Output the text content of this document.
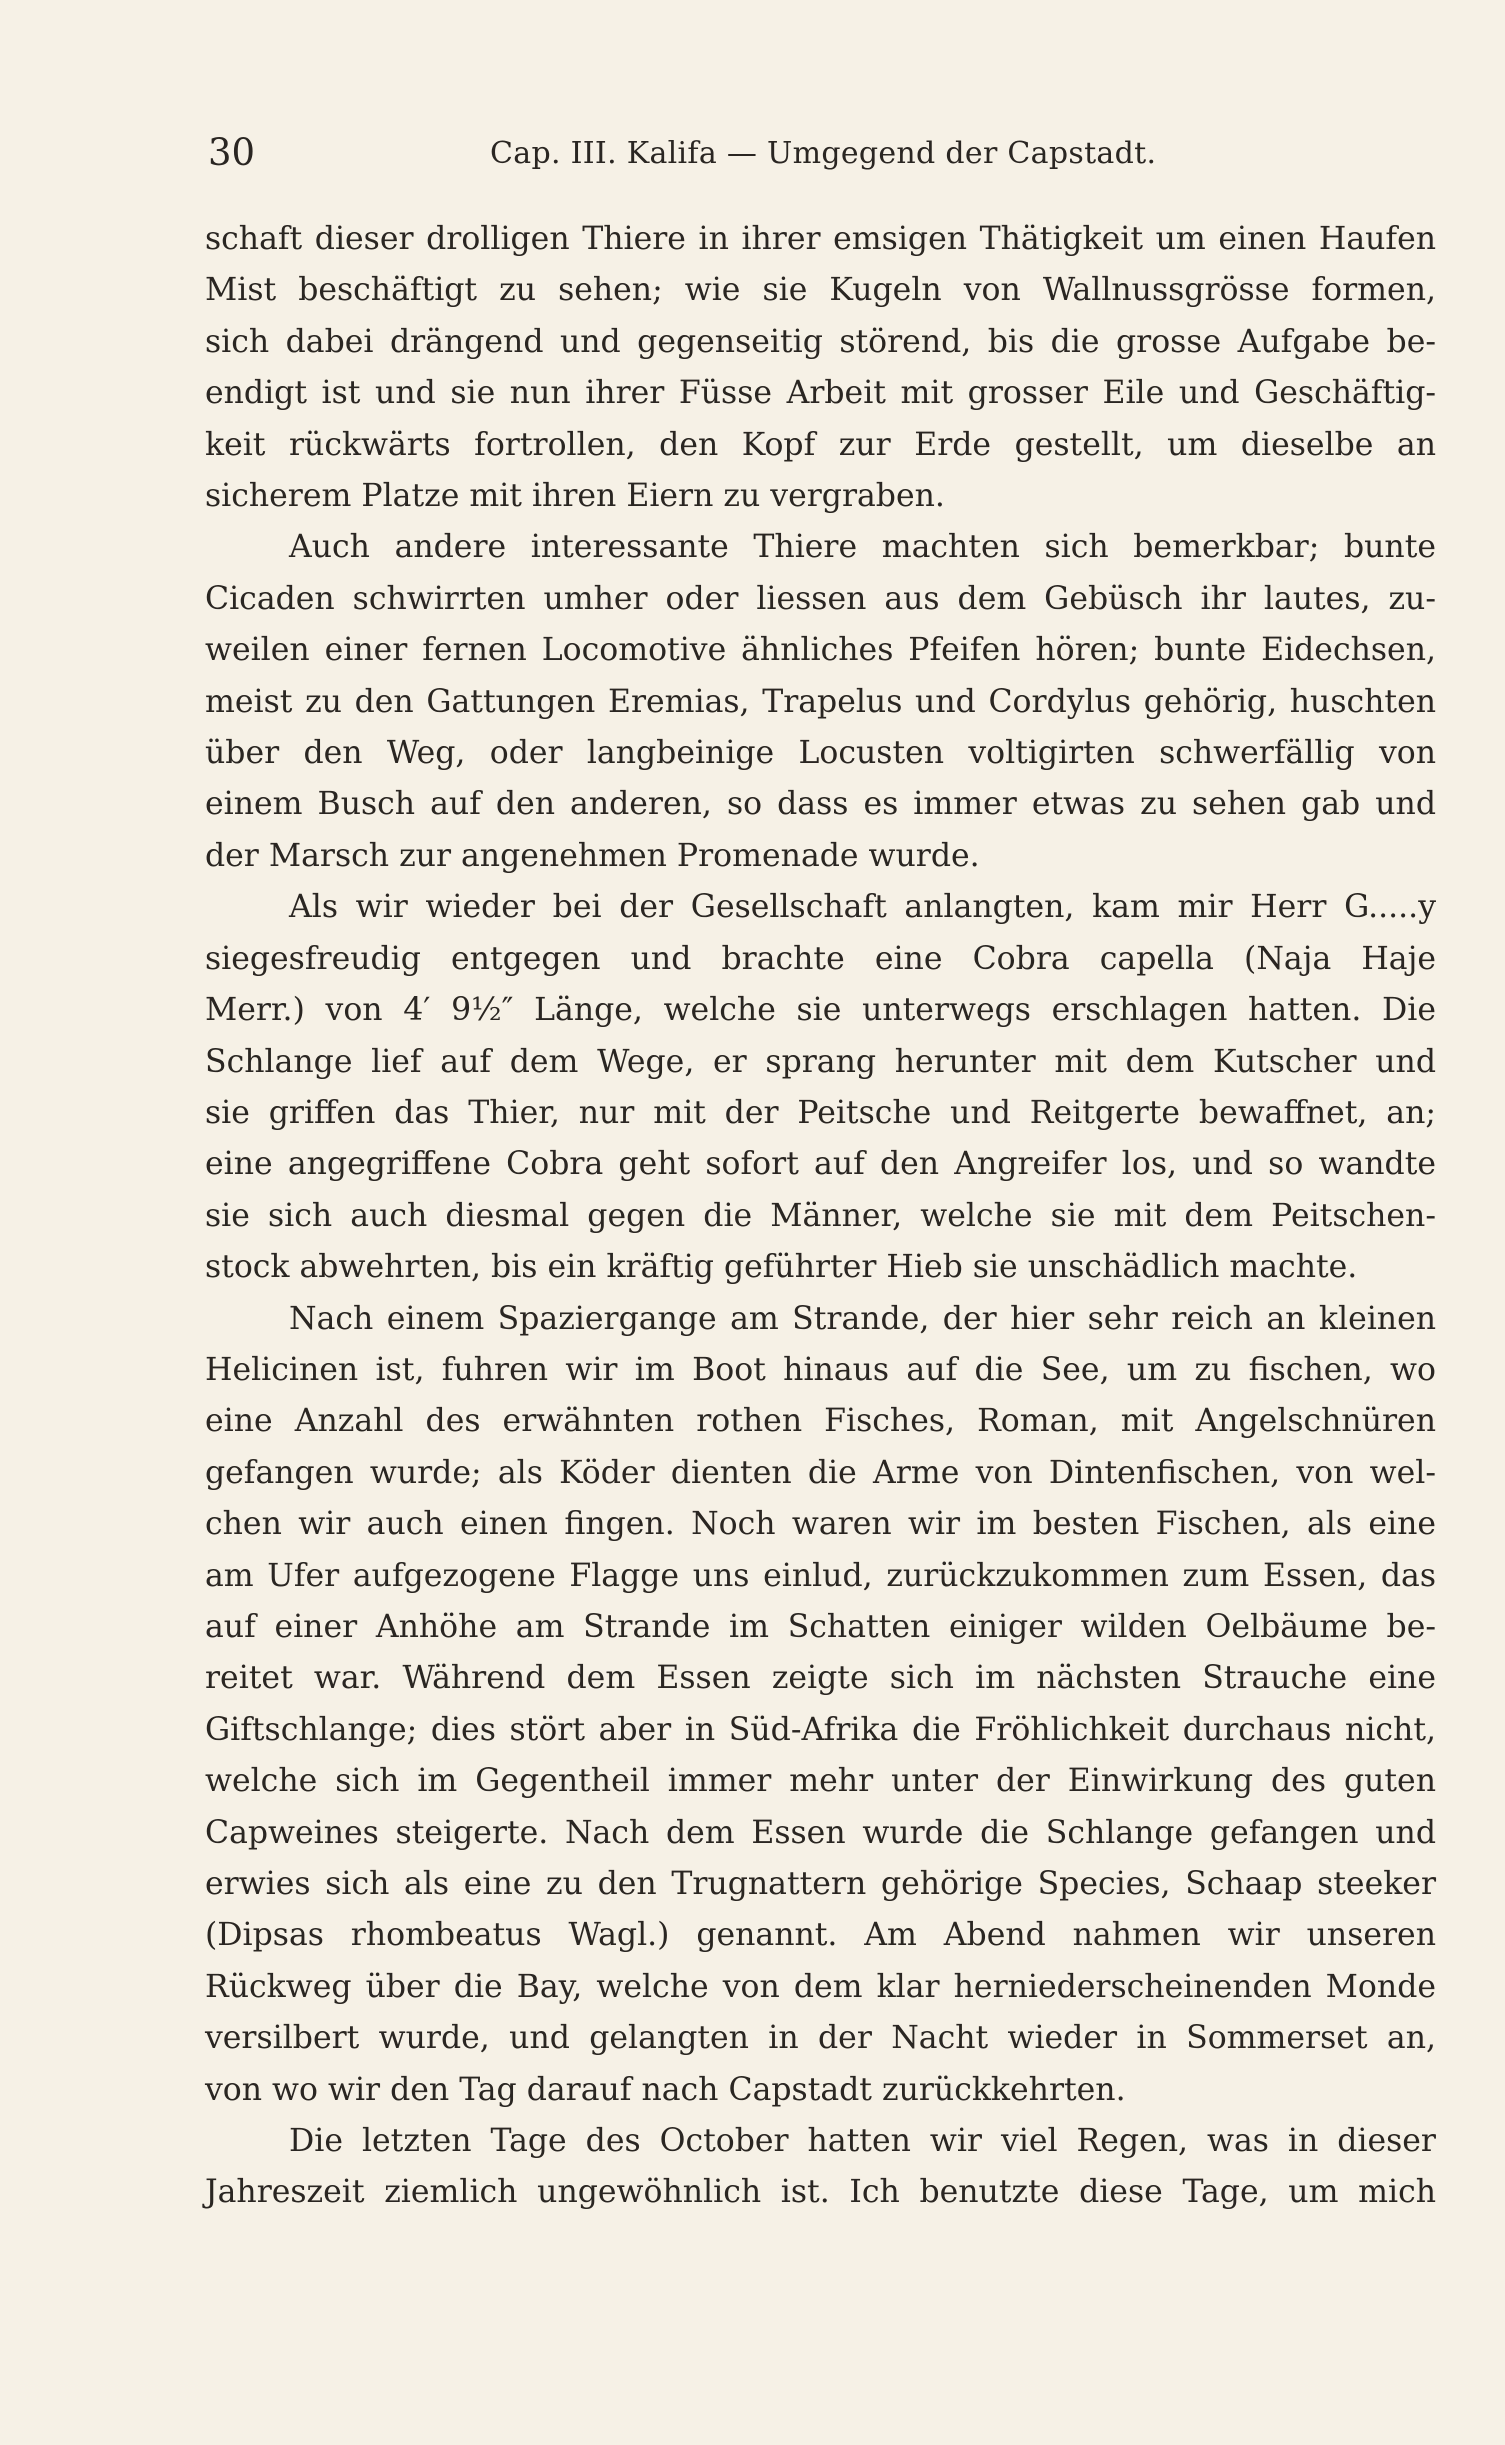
30	Cap. III. Kalifa — Umgegend der Capstadt.

schaft dieser drolligen Thiere in ihrer emsigen Thätigkeit um einen Haufen

Mist beschäftigt zu sehen; wie sie Kugeln von Wallnussgrösse formen,

sich dabei drängend und gegenseitig störend, bis die grosse Aufgabe be-

endigt ist und sie nun ihrer Füsse Arbeit mit grosser Eile und Geschäftig-

keit rückwärts fortrollen, den Kopf zur Erde gestellt, um dieselbe an

sicherem Platze mit ihren Eiern zu vergraben.

Auch andere interessante Thiere machten sich bemerkbar; bunte

Cicaden schwirrten umher oder liessen aus dem Gebüsch ihr lautes, zu-

weilen einer fernen Locomotive ähnliches Pfeifen hören; bunte Eidechsen,

meist zu den Gattungen Eremias, Trapelus und Cordylus gehörig, huschten

über den Weg, oder langbeinige Locusten voltigirten schwerfällig von

einem Busch auf den anderen, so dass es immer etwas zu sehen gab und

der Marsch zur angenehmen Promenade wurde.

Als wir wieder bei der Gesellschaft anlangten, kam mir Herr G.....y

siegesfreudig entgegen und brachte eine Cobra capella (Naja Haje

Merr.) von 4′ 9½″ Länge, welche sie unterwegs erschlagen hatten. Die

Schlange lief auf dem Wege, er sprang herunter mit dem Kutscher und

sie griffen das Thier, nur mit der Peitsche und Reitgerte bewaffnet, an;

eine angegriffene Cobra geht sofort auf den Angreifer los, und so wandte

sie sich auch diesmal gegen die Männer, welche sie mit dem Peitschen-

stock abwehrten, bis ein kräftig geführter Hieb sie unschädlich machte.

Nach einem Spaziergange am Strande, der hier sehr reich an kleinen

Helicinen ist, fuhren wir im Boot hinaus auf die See, um zu fischen, wo

eine Anzahl des erwähnten rothen Fisches, Roman, mit Angelschnüren

gefangen wurde; als Köder dienten die Arme von Dintenfischen, von wel-

chen wir auch einen fingen. Noch waren wir im besten Fischen, als eine

am Ufer aufgezogene Flagge uns einlud, zurückzukommen zum Essen, das

auf einer Anhöhe am Strande im Schatten einiger wilden Oelbäume be-

reitet war. Während dem Essen zeigte sich im nächsten Strauche eine

Giftschlange; dies stört aber in Süd-Afrika die Fröhlichkeit durchaus nicht,

welche sich im Gegentheil immer mehr unter der Einwirkung des guten

Capweines steigerte. Nach dem Essen wurde die Schlange gefangen und

erwies sich als eine zu den Trugnattern gehörige Species, Schaap steeker

(Dipsas rhombeatus Wagl.) genannt. Am Abend nahmen wir unseren

Rückweg über die Bay, welche von dem klar herniederscheinenden Monde

versilbert wurde, und gelangten in der Nacht wieder in Sommerset an,

von wo wir den Tag darauf nach Capstadt zurückkehrten.

Die letzten Tage des October hatten wir viel Regen, was in dieser

Jahreszeit ziemlich ungewöhnlich ist. Ich benutzte diese Tage, um mich
